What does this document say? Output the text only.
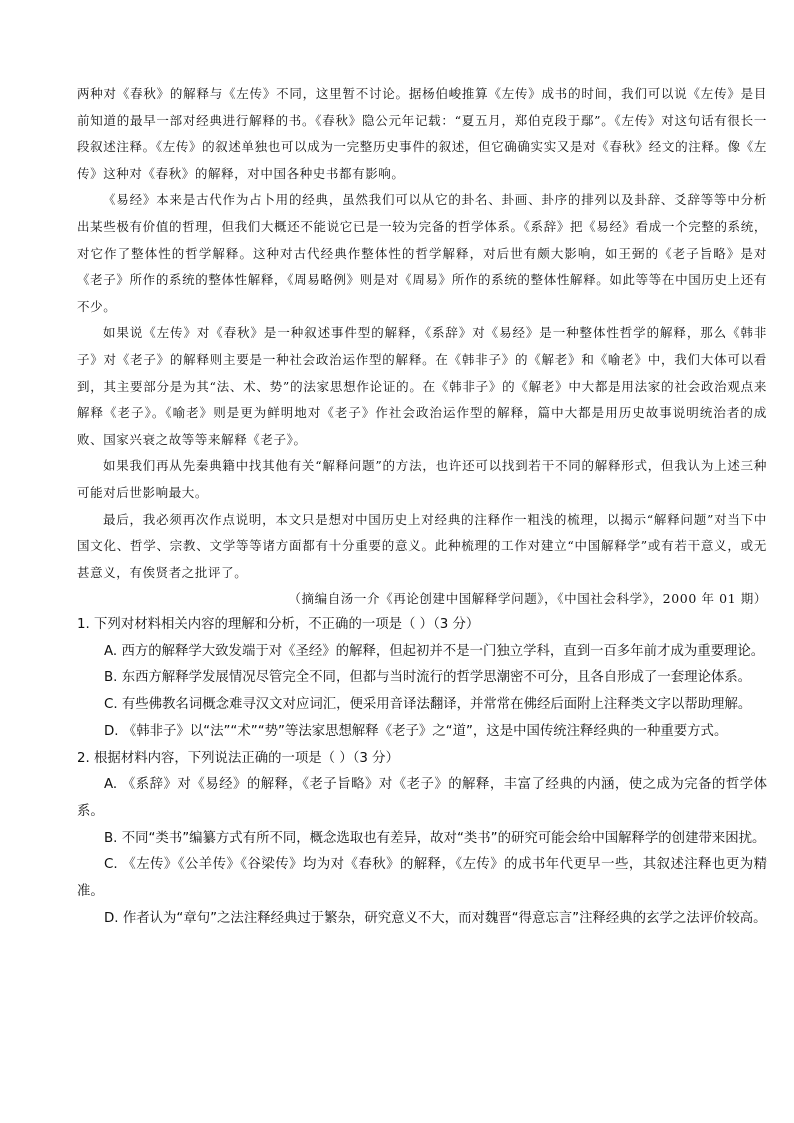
两种对《春秋》的解释与《左传》不同，这里暂不讨论。据杨伯峻推算《左传》成书的时间，我们可以说《左传》是目前知道的最早一部对经典进行解释的书。《春秋》隐公元年记载：“夏五月，郑伯克段于鄢”。《左传》对这句话有很长一段叙述注释。《左传》的叙述单独也可以成为一完整历史事件的叙述，但它确确实实又是对《春秋》经文的注释。像《左传》这种对《春秋》的解释，对中国各种史书都有影响。

《易经》本来是古代作为占卜用的经典，虽然我们可以从它的卦名、卦画、卦序的排列以及卦辞、爻辞等等中分析出某些极有价值的哲理，但我们大概还不能说它已是一较为完备的哲学体系。《系辞》把《易经》看成一个完整的系统，对它作了整体性的哲学解释。这种对古代经典作整体性的哲学解释，对后世有颇大影响，如王弼的《老子旨略》是对《老子》所作的系统的整体性解释，《周易略例》则是对《周易》所作的系统的整体性解释。如此等等在中国历史上还有不少。

如果说《左传》对《春秋》是一种叙述事件型的解释，《系辞》对《易经》是一种整体性哲学的解释，那么《韩非子》对《老子》的解释则主要是一种社会政治运作型的解释。在《韩非子》的《解老》和《喻老》中，我们大体可以看到，其主要部分是为其“法、术、势”的法家思想作论证的。在《韩非子》的《解老》中大都是用法家的社会政治观点来解释《老子》。《喻老》则是更为鲜明地对《老子》作社会政治运作型的解释，篇中大都是用历史故事说明统治者的成败、国家兴衰之故等等来解释《老子》。

如果我们再从先秦典籍中找其他有关“解释问题”的方法，也许还可以找到若干不同的解释形式，但我认为上述三种可能对后世影响最大。

最后，我必须再次作点说明，本文只是想对中国历史上对经典的注释作一粗浅的梳理，以揭示“解释问题”对当下中国文化、哲学、宗教、文学等等诸方面都有十分重要的意义。此种梳理的工作对建立“中国解释学”或有若干意义，或无甚意义，有俟贤者之批评了。

（摘编自汤一介《再论创建中国解释学问题》，《中国社会科学》，2000 年 01 期）

1. 下列对材料相关内容的理解和分析，不正确的一项是（ ）（3 分）

A. 西方的解释学大致发端于对《圣经》的解释，但起初并不是一门独立学科，直到一百多年前才成为重要理论。

B. 东西方解释学发展情况尽管完全不同，但都与当时流行的哲学思潮密不可分，且各自形成了一套理论体系。

C. 有些佛教名词概念难寻汉文对应词汇，便采用音译法翻译，并常常在佛经后面附上注释类文字以帮助理解。

D. 《韩非子》以“法”“术”“势”等法家思想解释《老子》之“道”，这是中国传统注释经典的一种重要方式。

2. 根据材料内容，下列说法正确的一项是（ ）（3 分）

A. 《系辞》对《易经》的解释，《老子旨略》对《老子》的解释，丰富了经典的内涵，使之成为完备的哲学体系。

B. 不同“类书”编纂方式有所不同，概念选取也有差异，故对“类书”的研究可能会给中国解释学的创建带来困扰。

C. 《左传》《公羊传》《谷梁传》均为对《春秋》的解释，《左传》的成书年代更早一些，其叙述注释也更为精准。

D. 作者认为“章句”之法注释经典过于繁杂，研究意义不大，而对魏晋“得意忘言”注释经典的玄学之法评价较高。
